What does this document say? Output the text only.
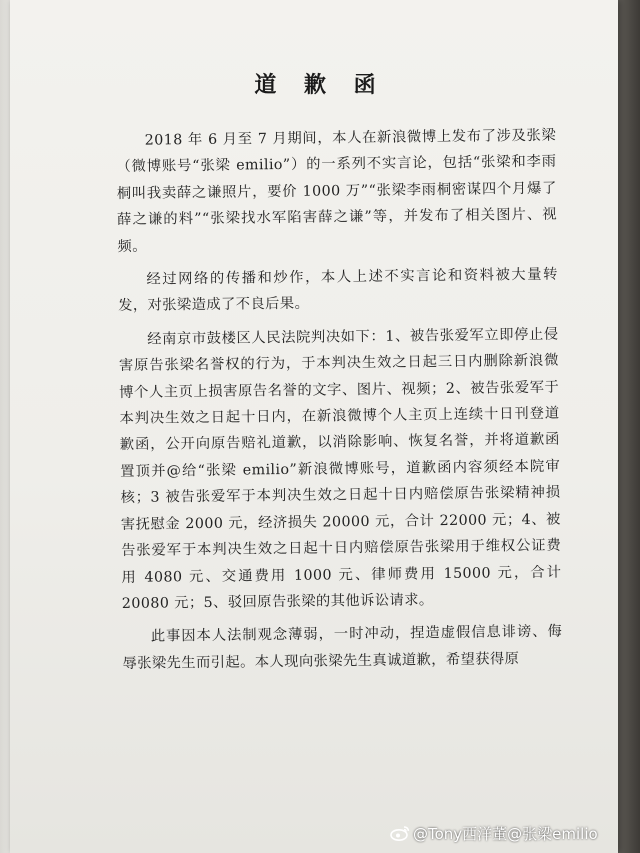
道 歉 函

2018 年 6 月至 7 月期间，本人在新浪微博上发布了涉及张梁（微博账号“张梁 emilio”）的一系列不实言论，包括“张梁和李雨桐叫我卖薛之谦照片，要价 1000 万”“张梁李雨桐密谋四个月爆了薛之谦的料”“张梁找水军陷害薛之谦”等，并发布了相关图片、视频。

经过网络的传播和炒作，本人上述不实言论和资料被大量转发，对张梁造成了不良后果。

经南京市鼓楼区人民法院判决如下：1、被告张爱军立即停止侵害原告张梁名誉权的行为，于本判决生效之日起三日内删除新浪微博个人主页上损害原告名誉的文字、图片、视频；2、被告张爱军于本判决生效之日起十日内，在新浪微博个人主页上连续十日刊登道歉函，公开向原告赔礼道歉，以消除影响、恢复名誉，并将道歉函置顶并@给“张梁 emilio”新浪微博账号，道歉函内容须经本院审核；3 被告张爱军于本判决生效之日起十日内赔偿原告张梁精神损害抚慰金 2000 元，经济损失 20000 元，合计 22000 元；4、被告张爱军于本判决生效之日起十日内赔偿原告张梁用于维权公证费用 4080 元、交通费用 1000 元、律师费用 15000 元，合计 20080 元；5、驳回原告张梁的其他诉讼请求。

此事因本人法制观念薄弱，一时冲动，捏造虚假信息诽谤、侮辱张梁先生而引起。本人现向张梁先生真诚道歉，希望获得原

@Tony西洋董@张梁emilio
